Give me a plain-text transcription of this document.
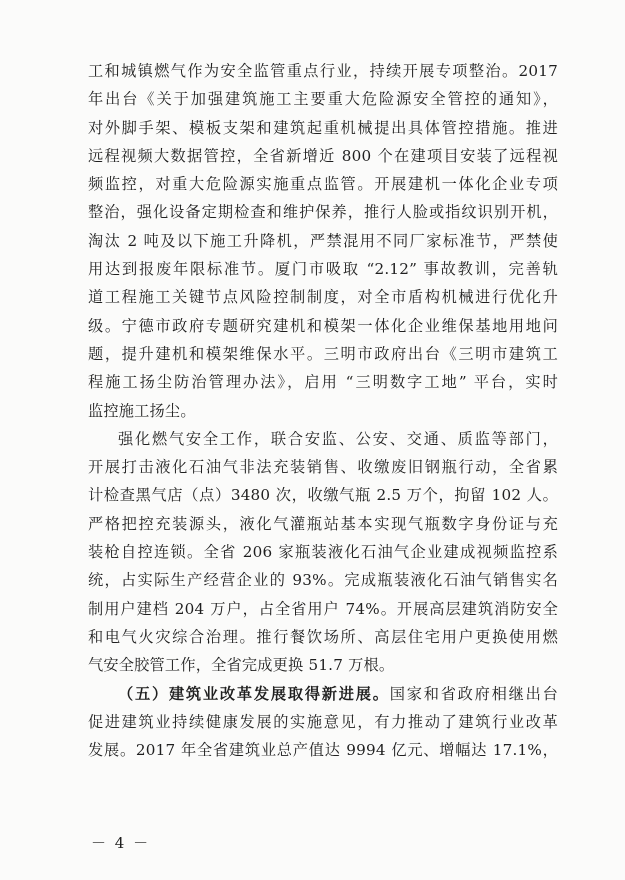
工和城镇燃气作为安全监管重点行业，持续开展专项整治。2017
年出台《关于加强建筑施工主要重大危险源安全管控的通知》，
对外脚手架、模板支架和建筑起重机械提出具体管控措施。推进
远程视频大数据管控，全省新增近 800 个在建项目安装了远程视
频监控，对重大危险源实施重点监管。开展建机一体化企业专项
整治，强化设备定期检查和维护保养，推行人脸或指纹识别开机，
淘汰 2 吨及以下施工升降机，严禁混用不同厂家标准节，严禁使
用达到报废年限标准节。厦门市吸取 “2.12” 事故教训，完善轨
道工程施工关键节点风险控制制度，对全市盾构机械进行优化升
级。宁德市政府专题研究建机和模架一体化企业维保基地用地问
题，提升建机和模架维保水平。三明市政府出台《三明市建筑工
程施工扬尘防治管理办法》，启用 “三明数字工地” 平台，实时
监控施工扬尘。
强化燃气安全工作，联合安监、公安、交通、质监等部门，
开展打击液化石油气非法充装销售、收缴废旧钢瓶行动，全省累
计检查黑气店（点）3480 次，收缴气瓶 2.5 万个，拘留 102 人。
严格把控充装源头，液化气灌瓶站基本实现气瓶数字身份证与充
装枪自控连锁。全省 206 家瓶装液化石油气企业建成视频监控系
统，占实际生产经营企业的 93%。完成瓶装液化石油气销售实名
制用户建档 204 万户，占全省用户 74%。开展高层建筑消防安全
和电气火灾综合治理。推行餐饮场所、高层住宅用户更换使用燃
气安全胶管工作，全省完成更换 51.7 万根。
（五）建筑业改革发展取得新进展。国家和省政府相继出台
促进建筑业持续健康发展的实施意见，有力推动了建筑行业改革
发展。2017 年全省建筑业总产值达 9994 亿元、增幅达 17.1%，
－ 4 －
